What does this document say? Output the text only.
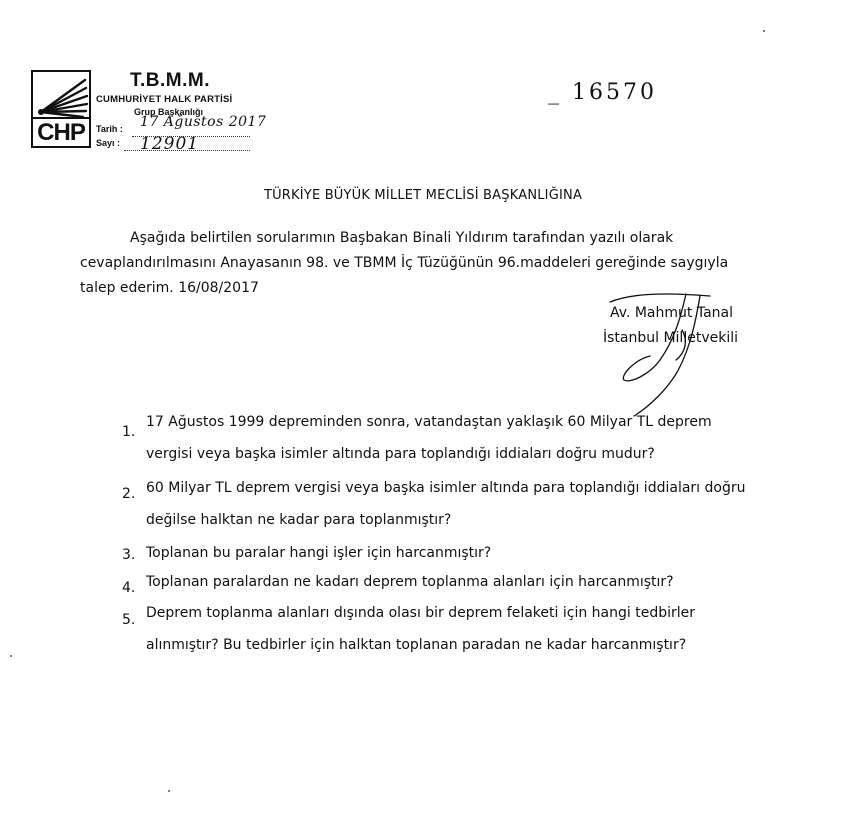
CHP
T.B.M.M.
CUMHURİYET HALK PARTİSİ
Grup Başkanlığı
Tarih : 17 Ağustos 2017
Sayı : 12901
_ 16570
TÜRKİYE BÜYÜK MİLLET MECLİSİ BAŞKANLIĞINA
Aşağıda belirtilen sorularımın Başbakan Binali Yıldırım tarafından yazılı olarak
cevaplandırılmasını Anayasanın 98. ve TBMM İç Tüzüğünün 96.maddeleri gereğinde saygıyla
talep ederim. 16/08/2017
Av. Mahmut Tanal
İstanbul Milletvekili
1.
17 Ağustos 1999 depreminden sonra, vatandaştan yaklaşık 60 Milyar TL deprem
vergisi veya başka isimler altında para toplandığı iddiaları doğru mudur?
2. 60 Milyar TL deprem vergisi veya başka isimler altında para toplandığı iddiaları doğru
değilse halktan ne kadar para toplanmıştır?
3. Toplanan bu paralar hangi işler için harcanmıştır?
4. Toplanan paralardan ne kadarı deprem toplanma alanları için harcanmıştır?
5. Deprem toplanma alanları dışında olası bir deprem felaketi için hangi tedbirler
alınmıştır? Bu tedbirler için halktan toplanan paradan ne kadar harcanmıştır?
